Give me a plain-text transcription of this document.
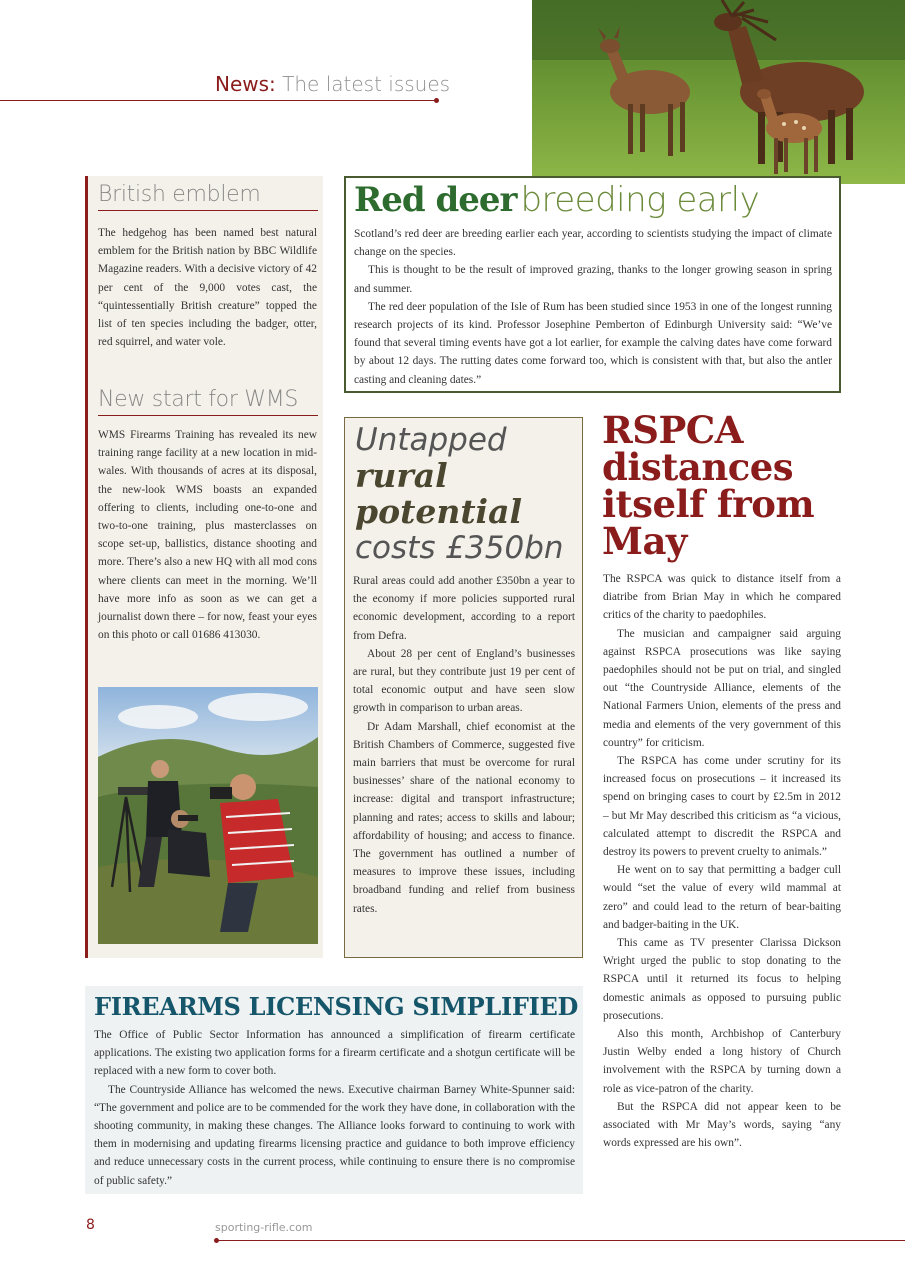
News: The latest issues
British emblem

The hedgehog has been named best natural emblem for the British nation by BBC Wildlife Magazine readers. With a decisive victory of 42 per cent of the 9,000 votes cast, the “quintessentially British creature” topped the list of ten species including the badger, otter, red squirrel, and water vole.

New start for WMS

WMS Firearms Training has revealed its new training range facility at a new location in mid-wales. With thousands of acres at its disposal, the new-look WMS boasts an expanded offering to clients, including one-to-one and two-to-one training, plus masterclasses on scope set-up, ballistics, distance shooting and more. There’s also a new HQ with all mod cons where clients can meet in the morning. We’ll have more info as soon as we can get a journalist down there – for now, feast your eyes on this photo or call 01686 413030.

Red deer breeding early

Scotland’s red deer are breeding earlier each year, according to scientists studying the impact of climate change on the species.

This is thought to be the result of improved grazing, thanks to the longer growing season in spring and summer.

The red deer population of the Isle of Rum has been studied since 1953 in one of the longest running research projects of its kind. Professor Josephine Pemberton of Edinburgh University said: “We’ve found that several timing events have got a lot earlier, for example the calving dates have come forward by about 12 days. The rutting dates come forward too, which is consistent with that, but also the antler casting and cleaning dates.”

Untapped
rural
potential
costs £350bn

Rural areas could add another £350bn a year to the economy if more policies supported rural economic development, according to a report from Defra.

About 28 per cent of England’s businesses are rural, but they contribute just 19 per cent of total economic output and have seen slow growth in comparison to urban areas.

Dr Adam Marshall, chief economist at the British Chambers of Commerce, suggested five main barriers that must be overcome for rural businesses’ share of the national economy to increase: digital and transport infrastructure; planning and rates; access to skills and labour; affordability of housing; and access to finance. The government has outlined a number of measures to improve these issues, including broadband funding and relief from business rates.

RSPCA
distances
itself from
May

The RSPCA was quick to distance itself from a diatribe from Brian May in which he compared critics of the charity to paedophiles.

The musician and campaigner said arguing against RSPCA prosecutions was like saying paedophiles should not be put on trial, and singled out “the Countryside Alliance, elements of the National Farmers Union, elements of the press and media and elements of the very government of this country” for criticism.

The RSPCA has come under scrutiny for its increased focus on prosecutions – it increased its spend on bringing cases to court by £2.5m in 2012 – but Mr May described this criticism as “a vicious, calculated attempt to discredit the RSPCA and destroy its powers to prevent cruelty to animals.”

He went on to say that permitting a badger cull would “set the value of every wild mammal at zero” and could lead to the return of bear-baiting and badger-baiting in the UK.

This came as TV presenter Clarissa Dickson Wright urged the public to stop donating to the RSPCA until it returned its focus to helping domestic animals as opposed to pursuing public prosecutions.

Also this month, Archbishop of Canterbury Justin Welby ended a long history of Church involvement with the RSPCA by turning down a role as vice-patron of the charity.

But the RSPCA did not appear keen to be associated with Mr May’s words, saying “any words expressed are his own”.

FIREARMS LICENSING SIMPLIFIED

The Office of Public Sector Information has announced a simplification of firearm certificate applications. The existing two application forms for a firearm certificate and a shotgun certificate will be replaced with a new form to cover both.

The Countryside Alliance has welcomed the news. Executive chairman Barney White-Spunner said: “The government and police are to be commended for the work they have done, in collaboration with the shooting community, in making these changes. The Alliance looks forward to continuing to work with them in modernising and updating firearms licensing practice and guidance to both improve efficiency and reduce unnecessary costs in the current process, while continuing to ensure there is no compromise of public safety.”

8	sporting-rifle.com
